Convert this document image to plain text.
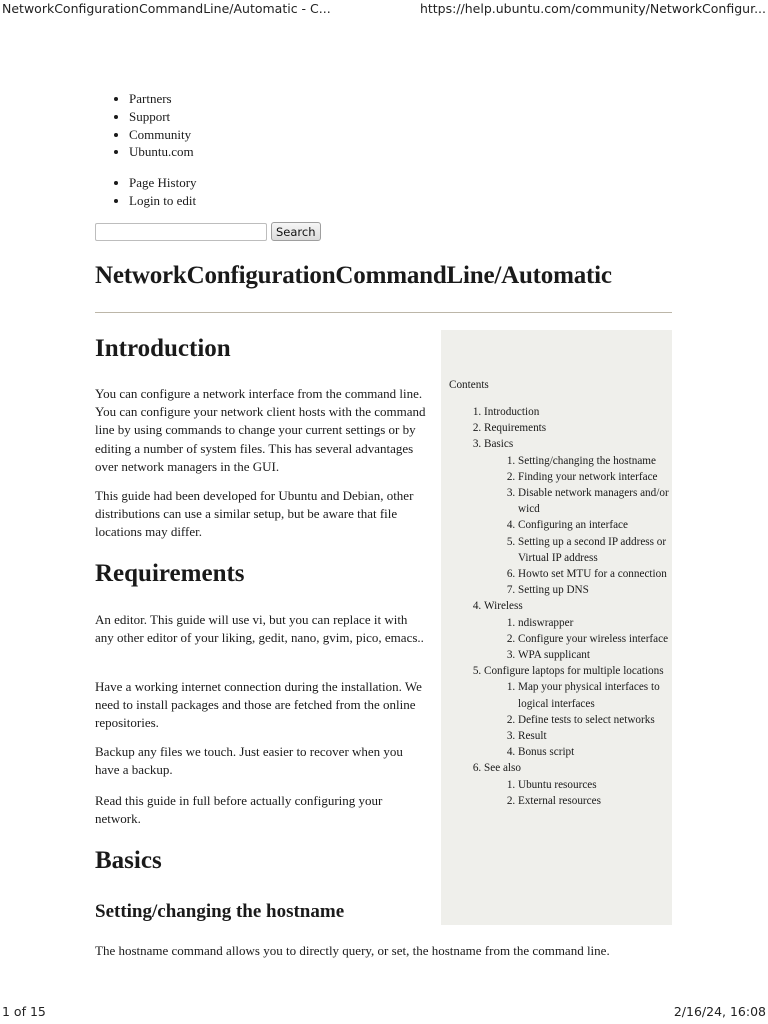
NetworkConfigurationCommandLine/Automatic - C...	https://help.ubuntu.com/community/NetworkConfigur...
• Partners
• Support
• Community
• Ubuntu.com
• Page History
• Login to edit
Search
NetworkConfigurationCommandLine/Automatic

Contents

1. Introduction
2. Requirements
3. Basics
1. Setting/changing the hostname
2. Finding your network interface
3. Disable network managers and/or wicd
4. Configuring an interface
5. Setting up a second IP address or Virtual IP address
6. Howto set MTU for a connection
7. Setting up DNS
4. Wireless
1. ndiswrapper
2. Configure your wireless interface
3. WPA supplicant
5. Configure laptops for multiple locations
1. Map your physical interfaces to logical interfaces
2. Define tests to select networks
3. Result
4. Bonus script
6. See also
1. Ubuntu resources
2. External resources
Introduction

You can configure a network interface from the command line. You can configure your network client hosts with the command line by using commands to change your current settings or by editing a number of system files. This has several advantages over network managers in the GUI.

This guide had been developed for Ubuntu and Debian, other distributions can use a similar setup, but be aware that file locations may differ.

Requirements

An editor. This guide will use vi, but you can replace it with any other editor of your liking, gedit, nano, gvim, pico, emacs..

Have a working internet connection during the installation. We need to install packages and those are fetched from the online repositories.

Backup any files we touch. Just easier to recover when you have a backup.

Read this guide in full before actually configuring your network.

Basics
Setting/changing the hostname

The hostname command allows you to directly query, or set, the hostname from the command line.

1 of 15	2/16/24, 16:08
